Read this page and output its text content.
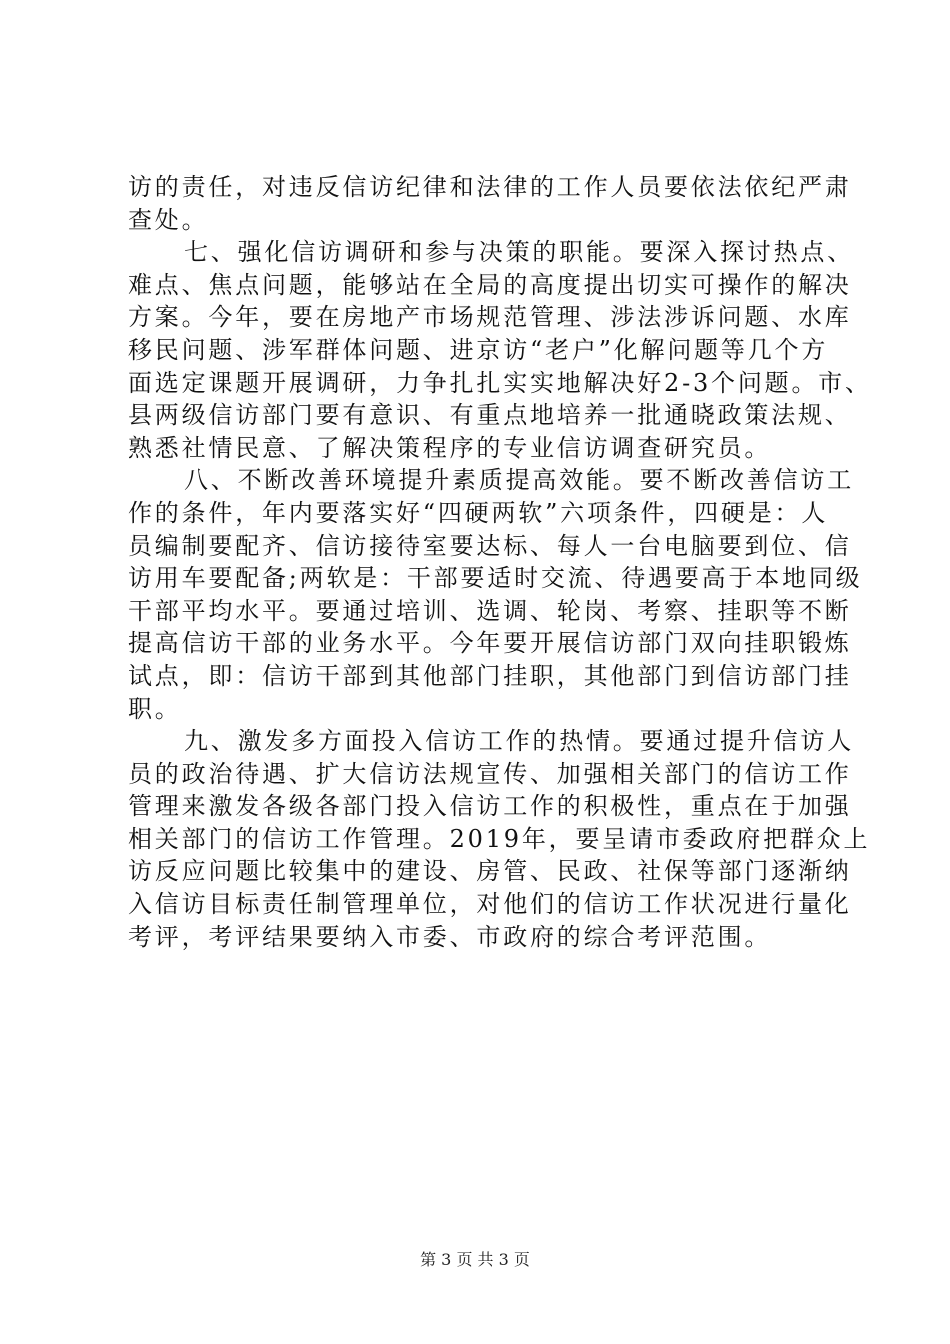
访的责任，对违反信访纪律和法律的工作人员要依法依纪严肃
查处。
七、强化信访调研和参与决策的职能。要深入探讨热点、
难点、焦点问题，能够站在全局的高度提出切实可操作的解决
方案。今年，要在房地产市场规范管理、涉法涉诉问题、水库
移民问题、涉军群体问题、进京访“老户”化解问题等几个方
面选定课题开展调研，力争扎扎实实地解决好2-3个问题。市、
县两级信访部门要有意识、有重点地培养一批通晓政策法规、
熟悉社情民意、了解决策程序的专业信访调查研究员。
八、不断改善环境提升素质提高效能。要不断改善信访工
作的条件，年内要落实好“四硬两软”六项条件，四硬是：人
员编制要配齐、信访接待室要达标、每人一台电脑要到位、信
访用车要配备;两软是：干部要适时交流、待遇要高于本地同级
干部平均水平。要通过培训、选调、轮岗、考察、挂职等不断
提高信访干部的业务水平。今年要开展信访部门双向挂职锻炼
试点，即：信访干部到其他部门挂职，其他部门到信访部门挂
职。
九、激发多方面投入信访工作的热情。要通过提升信访人
员的政治待遇、扩大信访法规宣传、加强相关部门的信访工作
管理来激发各级各部门投入信访工作的积极性，重点在于加强
相关部门的信访工作管理。2019年，要呈请市委政府把群众上
访反应问题比较集中的建设、房管、民政、社保等部门逐渐纳
入信访目标责任制管理单位，对他们的信访工作状况进行量化
考评，考评结果要纳入市委、市政府的综合考评范围。
第 3 页 共 3 页
